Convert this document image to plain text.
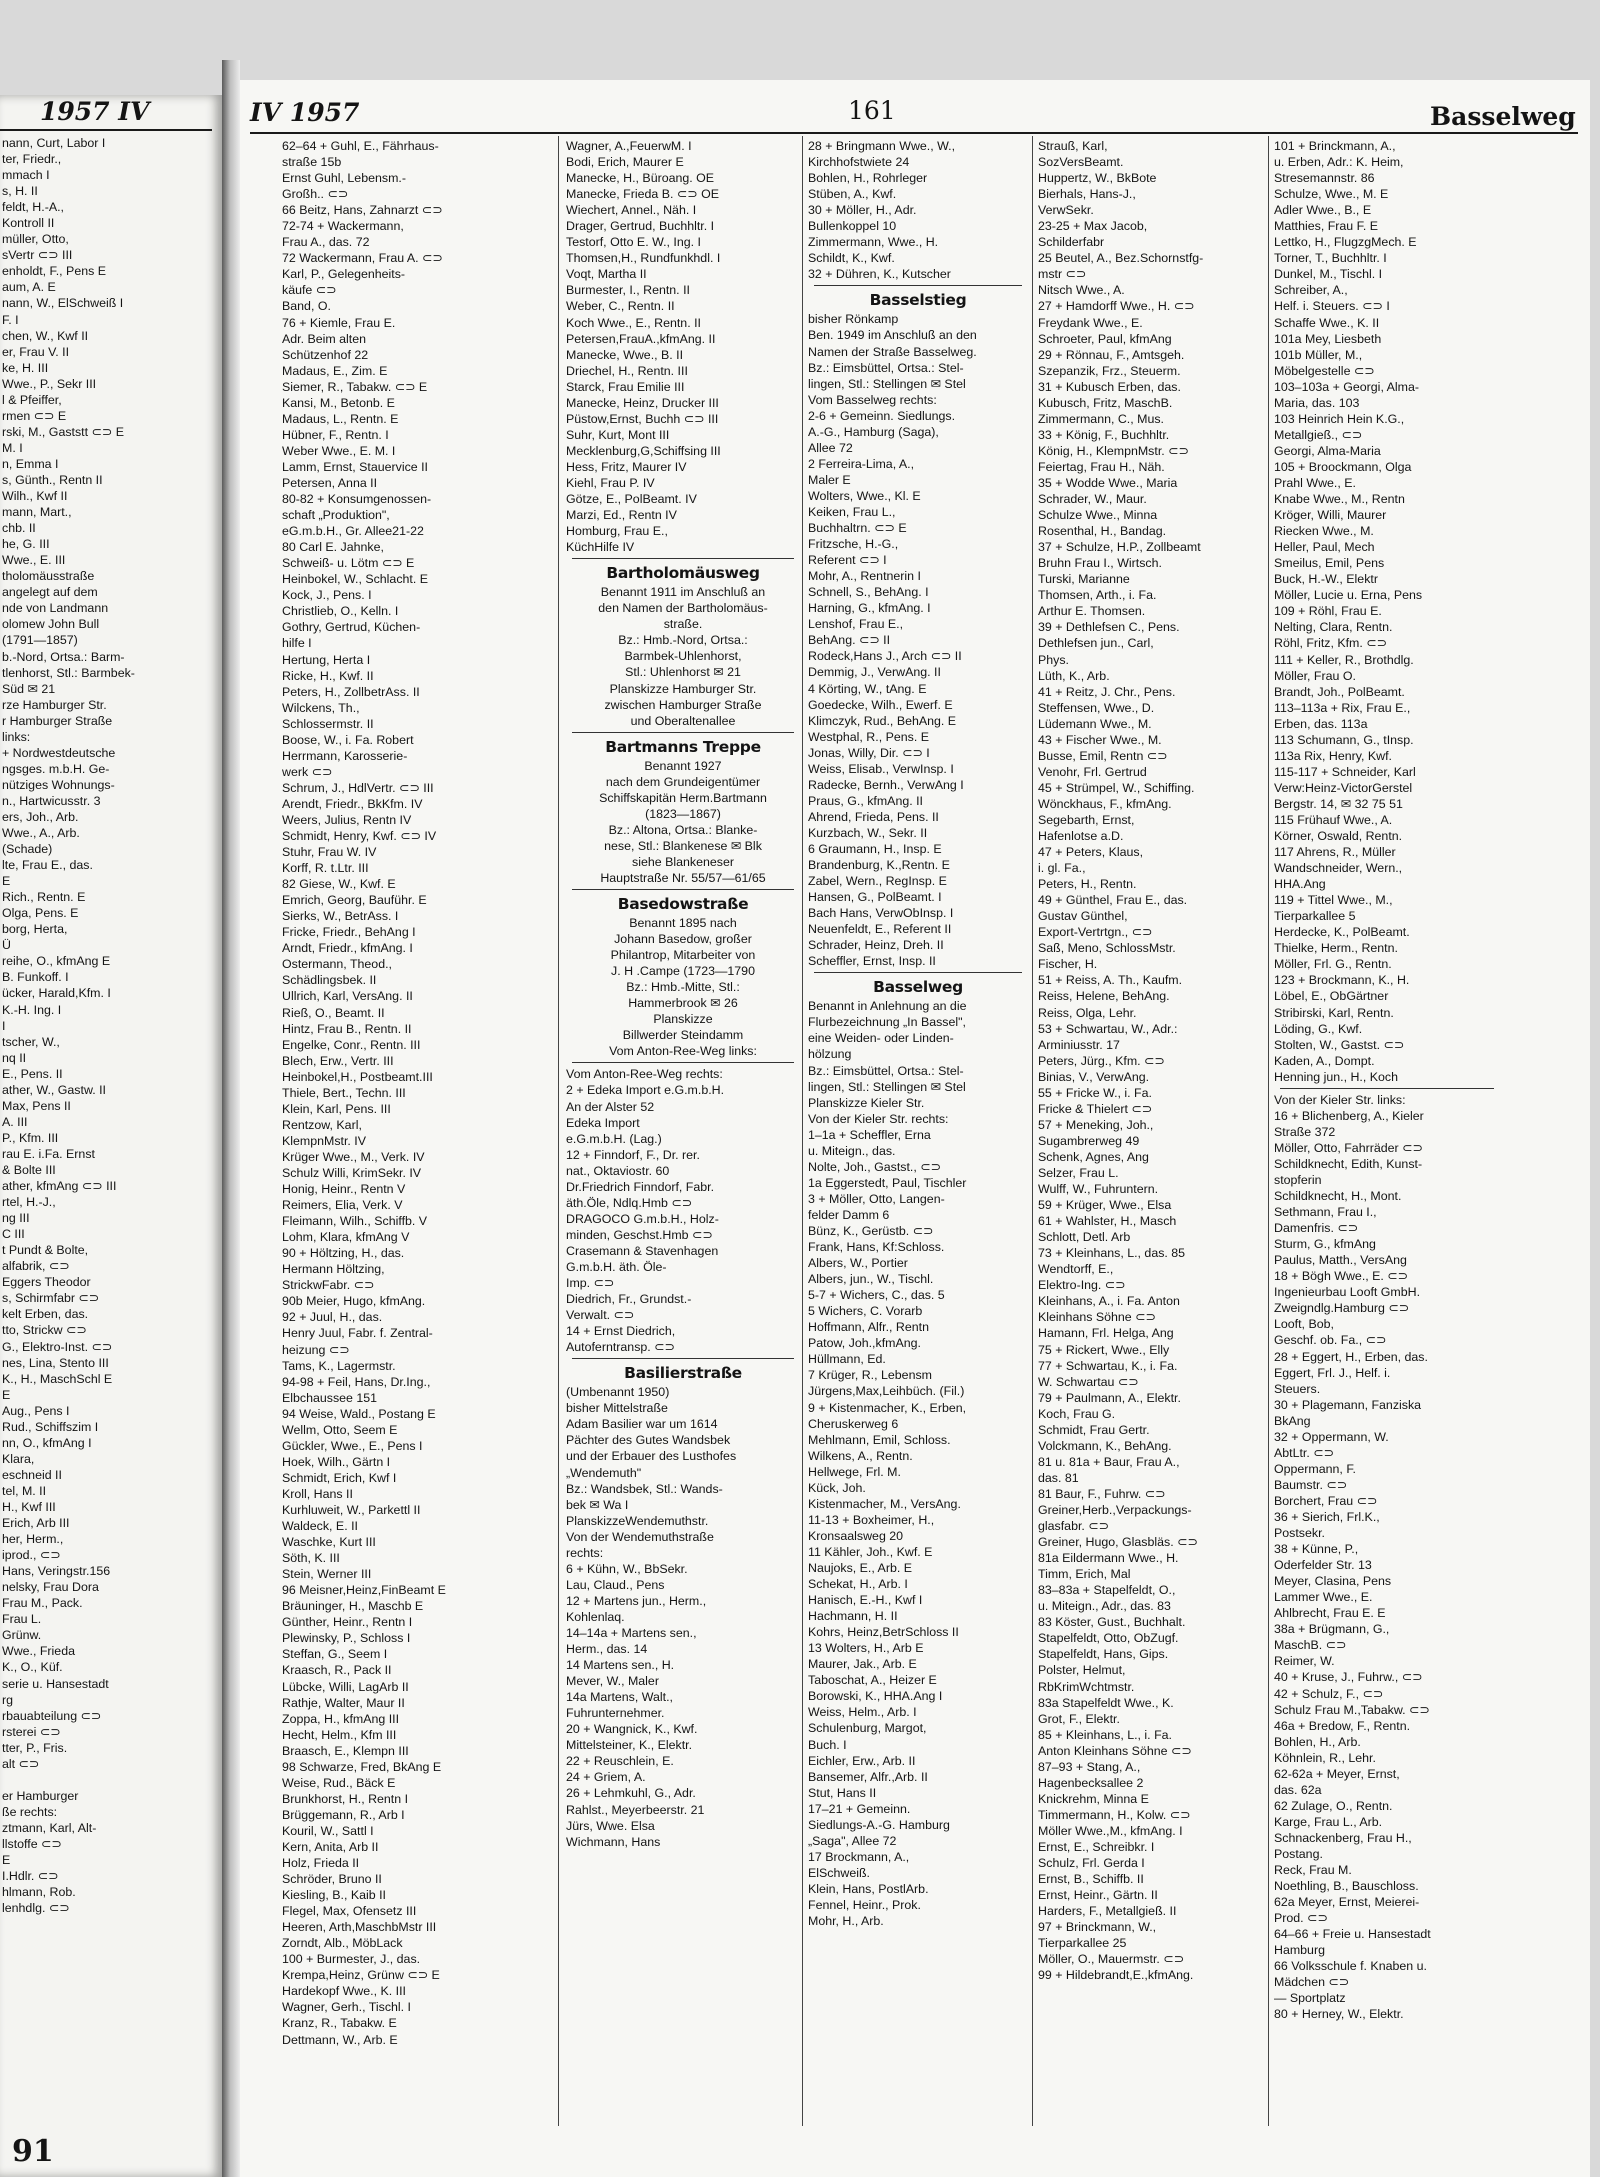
1957 IV
nann, Curt, Labor I
ter, Friedr.,
mmach I
s, H. II
feldt, H.-A.,
Kontroll II
müller, Otto,
sVertr ⊂⊃ III
enholdt, F., Pens E
aum, A. E
nann, W., ElSchweiß I
F. I
chen, W., Kwf II
er, Frau V. II
ke, H. III
Wwe., P., Sekr III
l & Pfeiffer,
rmen ⊂⊃ E
rski, M., Gaststt ⊂⊃ E
M. I
n, Emma I
s, Günth., Rentn II
Wilh., Kwf II
mann, Mart.,
chb. II
he, G. III
Wwe., E. III
tholomäusstraße
angelegt auf dem
nde von Landmann
olomew John Bull
(1791—1857)
b.-Nord, Ortsa.: Barm-
tlenhorst, Stl.: Barmbek-
Süd ✉ 21
rze Hamburger Str.
r Hamburger Straße
links:
+ Nordwestdeutsche
ngsges. m.b.H. Ge-
nütziges Wohnungs-
n., Hartwicusstr. 3
ers, Joh., Arb.
Wwe., A., Arb.
(Schade)
lte, Frau E., das.
E
Rich., Rentn. E
Olga, Pens. E
borg, Herta,
Ü
reihe, O., kfmAng E
B. Funkoff. I
ücker, Harald,Kfm. I
K.-H. Ing. I
I
tscher, W.,
nq II
E., Pens. II
ather, W., Gastw. II
Max, Pens II
A. III
P., Kfm. III
rau E. i.Fa. Ernst
& Bolte III
ather, kfmAng ⊂⊃ III
rtel, H.-J.,
ng III
C III
t Pundt & Bolte,
alfabrik, ⊂⊃
Eggers Theodor
s, Schirmfabr ⊂⊃
kelt Erben, das.
tto, Strickw ⊂⊃
G., Elektro-Inst. ⊂⊃
nes, Lina, Stento III
K., H., MaschSchl E
E
Aug., Pens I
Rud., Schiffszim I
nn, O., kfmAng I
Klara,
eschneid II
tel, M. II
H., Kwf III
Erich, Arb III
her, Herm.,
iprod., ⊂⊃
Hans, Veringstr.156
nelsky, Frau Dora
Frau M., Pack.
Frau L.
Grünw.
Wwe., Frieda
K., O., Küf.
serie u. Hansestadt
rg
rbauabteilung ⊂⊃
rsterei ⊂⊃
tter, P., Fris.
alt ⊂⊃
er Hamburger
ße rechts:
ztmann, Karl, Alt-
llstoffe ⊂⊃
E
I.Hdlr. ⊂⊃
hlmann, Rob.
lenhdlg. ⊂⊃
91
IV 1957	161	Basselweg
62–64 + Guhl, E., Fährhaus-
straße 15b
Ernst Guhl, Lebensm.-
Großh.. ⊂⊃
66 Beitz, Hans, Zahnarzt ⊂⊃
72-74 + Wackermann,
Frau A., das. 72
72 Wackermann, Frau A. ⊂⊃
Karl, P., Gelegenheits-
käufe ⊂⊃
Band, O.
76 + Kiemle, Frau E.
Adr. Beim alten
Schützenhof 22
Madaus, E., Zim. E
Siemer, R., Tabakw. ⊂⊃ E
Kansi, M., Betonb. E
Madaus, L., Rentn. E
Hübner, F., Rentn. I
Weber Wwe., E. M. I
Lamm, Ernst, Stauervice II
Petersen, Anna II
80-82 + Konsumgenossen-
schaft „Produktion",
eG.m.b.H., Gr. Allee21-22
80 Carl E. Jahnke,
Schweiß- u. Lötm ⊂⊃ E
Heinbokel, W., Schlacht. E
Kock, J., Pens. I
Christlieb, O., Kelln. I
Gothry, Gertrud, Küchen-
hilfe I
Hertung, Herta I
Ricke, H., Kwf. II
Peters, H., ZollbetrAss. II
Wilckens, Th.,
Schlossermstr. II
Boose, W., i. Fa. Robert
Herrmann, Karosserie-
werk ⊂⊃
Schrum, J., HdlVertr. ⊂⊃ III
Arendt, Friedr., BkKfm. IV
Weers, Julius, Rentn IV
Schmidt, Henry, Kwf. ⊂⊃ IV
Stuhr, Frau W. IV
Korff, R. t.Ltr. III
82 Giese, W., Kwf. E
Emrich, Georg, Bauführ. E
Sierks, W., BetrAss. I
Fricke, Friedr., BehAng I
Arndt, Friedr., kfmAng. I
Ostermann, Theod.,
Schädlingsbek. II
Ullrich, Karl, VersAng. II
Rieß, O., Beamt. II
Hintz, Frau B., Rentn. II
Engelke, Conr., Rentn. III
Blech, Erw., Vertr. III
Heinbokel,H., Postbeamt.III
Thiele, Bert., Techn. III
Klein, Karl, Pens. III
Rentzow, Karl,
KlempnMstr. IV
Krüger Wwe., M., Verk. IV
Schulz Willi, KrimSekr. IV
Honig, Heinr., Rentn V
Reimers, Elia, Verk. V
Fleimann, Wilh., Schiffb. V
Lohm, Klara, kfmAng V
90 + Höltzing, H., das.
Hermann Höltzing,
StrickwFabr. ⊂⊃
90b Meier, Hugo, kfmAng.
92 + Juul, H., das.
Henry Juul, Fabr. f. Zentral-
heizung ⊂⊃
Tams, K., Lagermstr.
94-98 + Feil, Hans, Dr.Ing.,
Elbchaussee 151
94 Weise, Wald., Postang E
Wellm, Otto, Seem E
Gückler, Wwe., E., Pens I
Hoek, Wilh., Gärtn I
Schmidt, Erich, Kwf I
Kroll, Hans II
Kurhluweit, W., Parkettl II
Waldeck, E. II
Waschke, Kurt III
Söth, K. III
Stein, Werner III
96 Meisner,Heinz,FinBeamt E
Bräuninger, H., Maschb E
Günther, Heinr., Rentn I
Plewinsky, P., Schloss I
Steffan, G., Seem I
Kraasch, R., Pack II
Lübcke, Willi, LagArb II
Rathje, Walter, Maur II
Zoppa, H., kfmAng III
Hecht, Helm., Kfm III
Braasch, E., Klempn III
98 Schwarze, Fred, BkAng E
Weise, Rud., Bäck E
Brunkhorst, H., Rentn I
Brüggemann, R., Arb I
Kouril, W., Sattl I
Kern, Anita, Arb II
Holz, Frieda II
Schröder, Bruno II
Kiesling, B., Kaib II
Flegel, Max, Ofensetz III
Heeren, Arth,MaschbMstr III
Zorndt, Alb., MöbLack
100 + Burmester, J., das.
Krempa,Heinz, Grünw ⊂⊃ E
Hardekopf Wwe., K. III
Wagner, Gerh., Tischl. I
Kranz, R., Tabakw. E
Dettmann, W., Arb. E
Wagner, A.,FeuerwM. I
Bodi, Erich, Maurer E
Manecke, H., Büroang. OE
Manecke, Frieda B. ⊂⊃ OE
Wiechert, Annel., Näh. I
Drager, Gertrud, Buchhltr. I
Testorf, Otto E. W., Ing. I
Thomsen,H., Rundfunkhdl. I
Voqt, Martha II
Burmester, I., Rentn. II
Weber, C., Rentn. II
Koch Wwe., E., Rentn. II
Petersen,FrauA.,kfmAng. II
Manecke, Wwe., B. II
Driechel, H., Rentn. III
Starck, Frau Emilie III
Manecke, Heinz, Drucker III
Püstow,Ernst, Buchh ⊂⊃ III
Suhr, Kurt, Mont III
Mecklenburg,G,Schiffsing III
Hess, Fritz, Maurer IV
Kiehl, Frau P. IV
Götze, E., PolBeamt. IV
Marzi, Ed., Rentn IV
Homburg, Frau E.,
KüchHilfe IV
Bartholomäusweg
Benannt 1911 im Anschluß an
den Namen der Bartholomäus-
straße.
Bz.: Hmb.-Nord, Ortsa.:
Barmbek-Uhlenhorst,
Stl.: Uhlenhorst ✉ 21
Planskizze Hamburger Str.
zwischen Hamburger Straße
und Oberaltenallee
Bartmanns Treppe
Benannt 1927
nach dem Grundeigentümer
Schiffskapitän Herm.Bartmann
(1823—1867)
Bz.: Altona, Ortsa.: Blanke-
nese, Stl.: Blankenese ✉ Blk
siehe Blankeneser
Hauptstraße Nr. 55/57—61/65
Basedowstraße
Benannt 1895 nach
Johann Basedow, großer
Philantrop, Mitarbeiter von
J. H .Campe (1723—1790
Bz.: Hmb.-Mitte, Stl.:
Hammerbrook ✉ 26
Planskizze
Billwerder Steindamm
Vom Anton-Ree-Weg links:
Vom Anton-Ree-Weg rechts:
2 + Edeka Import e.G.m.b.H.
An der Alster 52
Edeka Import
e.G.m.b.H. (Lag.)
12 + Finndorf, F., Dr. rer.
nat., Oktaviostr. 60
Dr.Friedrich Finndorf, Fabr.
äth.Öle, Ndlq.Hmb ⊂⊃
DRAGOCO G.m.b.H., Holz-
minden, Geschst.Hmb ⊂⊃
Crasemann & Stavenhagen
G.m.b.H. äth. Öle-
Imp. ⊂⊃
Diedrich, Fr., Grundst.-
Verwalt. ⊂⊃
14 + Ernst Diedrich,
Autoferntransp. ⊂⊃
Basilierstraße
(Umbenannt 1950)
bisher Mittelstraße
Adam Basilier war um 1614
Pächter des Gutes Wandsbek
und der Erbauer des Lusthofes
„Wendemuth"
Bz.: Wandsbek, Stl.: Wands-
bek ✉ Wa I
PlanskizzeWendemuthstr.
Von der Wendemuthstraße
rechts:
6 + Kühn, W., BbSekr.
Lau, Claud., Pens
12 + Martens jun., Herm.,
Kohlenlaq.
14–14a + Martens sen.,
Herm., das. 14
14 Martens sen., H.
Mever, W., Maler
14a Martens, Walt.,
Fuhrunternehmer.
20 + Wangnick, K., Kwf.
Mittelsteiner, K., Elektr.
22 + Reuschlein, E.
24 + Griem, A.
26 + Lehmkuhl, G., Adr.
Rahlst., Meyerbeerstr. 21
Jürs, Wwe. Elsa
Wichmann, Hans
28 + Bringmann Wwe., W.,
Kirchhofstwiete 24
Bohlen, H., Rohrleger
Stüben, A., Kwf.
30 + Möller, H., Adr.
Bullenkoppel 10
Zimmermann, Wwe., H.
Schildt, K., Kwf.
32 + Dühren, K., Kutscher
Basselstieg
bisher Rönkamp
Ben. 1949 im Anschluß an den
Namen der Straße Basselweg.
Bz.: Eimsbüttel, Ortsa.: Stel-
lingen, Stl.: Stellingen ✉ Stel
Vom Basselweg rechts:
2-6 + Gemeinn. Siedlungs.
A.-G., Hamburg (Saga),
Allee 72
2 Ferreira-Lima, A.,
Maler E
Wolters, Wwe., Kl. E
Keiken, Frau L.,
Buchhaltrn. ⊂⊃ E
Fritzsche, H.-G.,
Referent ⊂⊃ I
Mohr, A., Rentnerin I
Schnell, S., BehAng. I
Harning, G., kfmAng. I
Lenshof, Frau E.,
BehAng. ⊂⊃ II
Rodeck,Hans J., Arch ⊂⊃ II
Demmig, J., VerwAng. II
4 Körting, W., tAng. E
Goedecke, Wilh., Ewerf. E
Klimczyk, Rud., BehAng. E
Westphal, R., Pens. E
Jonas, Willy, Dir. ⊂⊃ I
Weiss, Elisab., VerwInsp. I
Radecke, Bernh., VerwAng I
Praus, G., kfmAng. II
Ahrend, Frieda, Pens. II
Kurzbach, W., Sekr. II
6 Graumann, H., Insp. E
Brandenburg, K.,Rentn. E
Zabel, Wern., RegInsp. E
Hansen, G., PolBeamt. I
Bach Hans, VerwObInsp. I
Neuenfeldt, E., Referent II
Schrader, Heinz, Dreh. II
Scheffler, Ernst, Insp. II
Basselweg
Benannt in Anlehnung an die
Flurbezeichnung „In Bassel",
eine Weiden- oder Linden-
hölzung
Bz.: Eimsbüttel, Ortsa.: Stel-
lingen, Stl.: Stellingen ✉ Stel
Planskizze Kieler Str.
Von der Kieler Str. rechts:
1–1a + Scheffler, Erna
u. Miteign., das.
Nolte, Joh., Gastst., ⊂⊃
1a Eggerstedt, Paul, Tischler
3 + Möller, Otto, Langen-
felder Damm 6
Bünz, K., Gerüstb. ⊂⊃
Frank, Hans, Kf:Schloss.
Albers, W., Portier
Albers, jun., W., Tischl.
5-7 + Wichers, C., das. 5
5 Wichers, C. Vorarb
Hoffmann, Alfr., Rentn
Patow, Joh.,kfmAng.
Hüllmann, Ed.
7 Krüger, R., Lebensm
Jürgens,Max,Leihbüch. (Fil.)
9 + Kistenmacher, K., Erben,
Cheruskerweg 6
Mehlmann, Emil, Schloss.
Wilkens, A., Rentn.
Hellwege, Frl. M.
Kück, Joh.
Kistenmacher, M., VersAng.
11-13 + Boxheimer, H.,
Kronsaalsweg 20
11 Kähler, Joh., Kwf. E
Naujoks, E., Arb. E
Schekat, H., Arb. I
Hanisch, E.-H., Kwf I
Hachmann, H. II
Kohrs, Heinz,BetrSchloss II
13 Wolters, H., Arb E
Maurer, Jak., Arb. E
Taboschat, A., Heizer E
Borowski, K., HHA.Ang I
Weiss, Helm., Arb. I
Schulenburg, Margot,
Buch. I
Eichler, Erw., Arb. II
Bansemer, Alfr.,Arb. II
Stut, Hans II
17–21 + Gemeinn.
Siedlungs-A.-G. Hamburg
„Saga", Allee 72
17 Brockmann, A.,
ElSchweiß.
Klein, Hans, PostlArb.
Fennel, Heinr., Prok.
Mohr, H., Arb.
Strauß, Karl,
SozVersBeamt.
Huppertz, W., BkBote
Bierhals, Hans-J.,
VerwSekr.
23-25 + Max Jacob,
Schilderfabr
25 Beutel, A., Bez.Schornstfg-
mstr ⊂⊃
Nitsch Wwe., A.
27 + Hamdorff Wwe., H. ⊂⊃
Freydank Wwe., E.
Schroeter, Paul, kfmAng
29 + Rönnau, F., Amtsgeh.
Szepanzik, Frz., Steuerm.
31 + Kubusch Erben, das.
Kubusch, Fritz, MaschB.
Zimmermann, C., Mus.
33 + König, F., Buchhltr.
König, H., KlempnMstr. ⊂⊃
Feiertag, Frau H., Näh.
35 + Wodde Wwe., Maria
Schrader, W., Maur.
Schulze Wwe., Minna
Rosenthal, H., Bandag.
37 + Schulze, H.P., Zollbeamt
Bruhn Frau I., Wirtsch.
Turski, Marianne
Thomsen, Arth., i. Fa.
Arthur E. Thomsen.
39 + Dethlefsen C., Pens.
Dethlefsen jun., Carl,
Phys.
Lüth, K., Arb.
41 + Reitz, J. Chr., Pens.
Steffensen, Wwe., D.
Lüdemann Wwe., M.
43 + Fischer Wwe., M.
Busse, Emil, Rentn ⊂⊃
Venohr, Frl. Gertrud
45 + Strümpel, W., Schiffing.
Wönckhaus, F., kfmAng.
Segebarth, Ernst,
Hafenlotse a.D.
47 + Peters, Klaus,
i. gl. Fa.,
Peters, H., Rentn.
49 + Günthel, Frau E., das.
Gustav Günthel,
Export-Vertrtgn., ⊂⊃
Saß, Meno, SchlossMstr.
Fischer, H.
51 + Reiss, A. Th., Kaufm.
Reiss, Helene, BehAng.
Reiss, Olga, Lehr.
53 + Schwartau, W., Adr.:
Arminiusstr. 17
Peters, Jürg., Kfm. ⊂⊃
Binias, V., VerwAng.
55 + Fricke W., i. Fa.
Fricke & Thielert ⊂⊃
57 + Meneking, Joh.,
Sugambrerweg 49
Schenk, Agnes, Ang
Selzer, Frau L.
Wulff, W., Fuhruntern.
59 + Krüger, Wwe., Elsa
61 + Wahlster, H., Masch
Schlott, Detl. Arb
73 + Kleinhans, L., das. 85
Wendtorff, E.,
Elektro-Ing. ⊂⊃
Kleinhans, A., i. Fa. Anton
Kleinhans Söhne ⊂⊃
Hamann, Frl. Helga, Ang
75 + Rickert, Wwe., Elly
77 + Schwartau, K., i. Fa.
W. Schwartau ⊂⊃
79 + Paulmann, A., Elektr.
Koch, Frau G.
Schmidt, Frau Gertr.
Volckmann, K., BehAng.
81 u. 81a + Baur, Frau A.,
das. 81
81 Baur, F., Fuhrw. ⊂⊃
Greiner,Herb.,Verpackungs-
glasfabr. ⊂⊃
Greiner, Hugo, Glasbläs. ⊂⊃
81a Eildermann Wwe., H.
Timm, Erich, Mal
83–83a + Stapelfeldt, O.,
u. Miteign., Adr., das. 83
83 Köster, Gust., Buchhalt.
Stapelfeldt, Otto, ObZugf.
Stapelfeldt, Hans, Gips.
Polster, Helmut,
RbKrimWchtmstr.
83a Stapelfeldt Wwe., K.
Grot, F., Elektr.
85 + Kleinhans, L., i. Fa.
Anton Kleinhans Söhne ⊂⊃
87–93 + Stang, A.,
Hagenbecksallee 2
Knickrehm, Minna E
Timmermann, H., Kolw. ⊂⊃
Möller Wwe.,M., kfmAng. I
Ernst, E., Schreibkr. I
Schulz, Frl. Gerda I
Ernst, B., Schiffb. II
Ernst, Heinr., Gärtn. II
Harders, F., Metallgieß. II
97 + Brinckmann, W.,
Tierparkallee 25
Möller, O., Mauermstr. ⊂⊃
99 + Hildebrandt,E.,kfmAng.
101 + Brinckmann, A.,
u. Erben, Adr.: K. Heim,
Stresemannstr. 86
Schulze, Wwe., M. E
Adler Wwe., B., E
Matthies, Frau F. E
Lettko, H., FlugzgMech. E
Torner, T., Buchhltr. I
Dunkel, M., Tischl. I
Schreiber, A.,
Helf. i. Steuers. ⊂⊃ I
Schaffe Wwe., K. II
101a Mey, Liesbeth
101b Müller, M.,
Möbelgestelle ⊂⊃
103–103a + Georgi, Alma-
Maria, das. 103
103 Heinrich Hein K.G.,
Metallgieß., ⊂⊃
Georgi, Alma-Maria
105 + Broockmann, Olga
Prahl Wwe., E.
Knabe Wwe., M., Rentn
Kröger, Willi, Maurer
Riecken Wwe., M.
Heller, Paul, Mech
Smeilus, Emil, Pens
Buck, H.-W., Elektr
Möller, Lucie u. Erna, Pens
109 + Röhl, Frau E.
Nelting, Clara, Rentn.
Röhl, Fritz, Kfm. ⊂⊃
111 + Keller, R., Brothdlg.
Möller, Frau O.
Brandt, Joh., PolBeamt.
113–113a + Rix, Frau E.,
Erben, das. 113a
113 Schumann, G., tInsp.
113a Rix, Henry, Kwf.
115-117 + Schneider, Karl
Verw:Heinz-VictorGerstel
Bergstr. 14, ✉ 32 75 51
115 Frühauf Wwe., A.
Körner, Oswald, Rentn.
117 Ahrens, R., Müller
Wandschneider, Wern.,
HHA.Ang
119 + Tittel Wwe., M.,
Tierparkallee 5
Herdecke, K., PolBeamt.
Thielke, Herm., Rentn.
Möller, Frl. G., Rentn.
123 + Brockmann, K., H.
Löbel, E., ObGärtner
Stribirski, Karl, Rentn.
Löding, G., Kwf.
Stolten, W., Gastst. ⊂⊃
Kaden, A., Dompt.
Henning jun., H., Koch
Von der Kieler Str. links:
16 + Blichenberg, A., Kieler
Straße 372
Möller, Otto, Fahrräder ⊂⊃
Schildknecht, Edith, Kunst-
stopferin
Schildknecht, H., Mont.
Sethmann, Frau I.,
Damenfris. ⊂⊃
Sturm, G., kfmAng
Paulus, Matth., VersAng
18 + Bögh Wwe., E. ⊂⊃
Ingenieurbau Looft GmbH.
Zweigndlg.Hamburg ⊂⊃
Looft, Bob,
Geschf. ob. Fa., ⊂⊃
28 + Eggert, H., Erben, das.
Eggert, Frl. J., Helf. i.
Steuers.
30 + Plagemann, Fanziska
BkAng
32 + Oppermann, W.
AbtLtr. ⊂⊃
Oppermann, F.
Baumstr. ⊂⊃
Borchert, Frau ⊂⊃
36 + Sierich, Frl.K.,
Postsekr.
38 + Künne, P.,
Oderfelder Str. 13
Meyer, Clasina, Pens
Lammer Wwe., E.
Ahlbrecht, Frau E. E
38a + Brügmann, G.,
MaschB. ⊂⊃
Reimer, W.
40 + Kruse, J., Fuhrw., ⊂⊃
42 + Schulz, F., ⊂⊃
Schulz Frau M.,Tabakw. ⊂⊃
46a + Bredow, F., Rentn.
Bohlen, H., Arb.
Köhnlein, R., Lehr.
62-62a + Meyer, Ernst,
das. 62a
62 Zulage, O., Rentn.
Karge, Frau L., Arb.
Schnackenberg, Frau H.,
Postang.
Reck, Frau M.
Noethling, B., Bauschloss.
62a Meyer, Ernst, Meierei-
Prod. ⊂⊃
64–66 + Freie u. Hansestadt
Hamburg
66 Volksschule f. Knaben u.
Mädchen ⊂⊃
— Sportplatz
80 + Herney, W., Elektr.
